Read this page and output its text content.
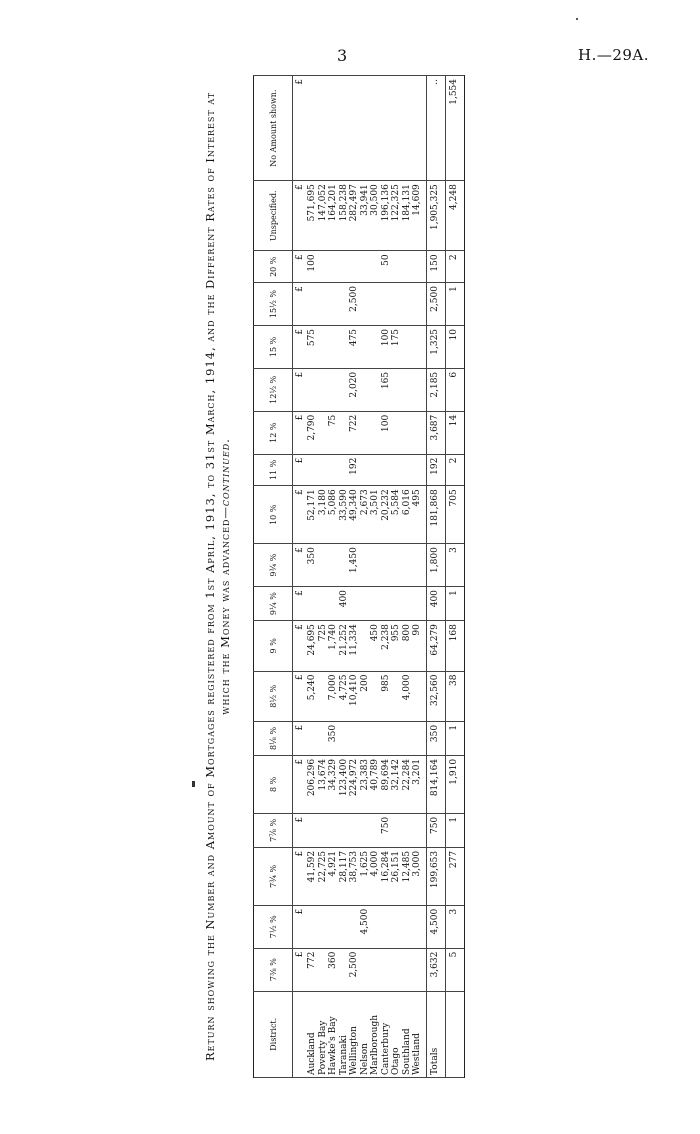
3	H.—29A.
Return showing the Number and Amount of Mortgages registered from 1st April, 1913, to 31st March, 1914, and the Different Rates of Interest at which the Money was advanced—continued.
District.	7⅜ %	7½ %	7¾ %	7⅞ %	8 %	8⅛ %	8½ %	9 %	9¼ %	9¾ %	10 %	11 %	12 %	12½ %	15 %	15½ %	20 %	Unspecified.	No Amount shown.
	£	£	£	£	£	£	£	£	£	£	£	£	£	£	£	£	£	£	£
Auckland	772		41,592		206,296		5,240	24,695		350	52,171		2,790		575		100	571,695	
Poverty Bay			22,725		13,674			725			3,180							147,052	
Hawke's Bay	360		4,921		34,329	350	7,000	1,740			5,086		75					164,201	
Taranaki			28,117		123,400		4,725	21,252	400		33,590							158,238	
Wellington	2,500		38,753		224,972		10,410	11,334		1,450	49,340	192	722	2,020	475	2,500		282,497	
Nelson		4,500	1,625		23,383		200				2,673							33,941	
Marlborough			4,000		40,789			450			3,501							30,500	
Canterbury			16,284	750	89,694		985	2,238			20,232		100	165	100		50	196,136	
Otago			26,151		32,142			955			5,584				175			122,325	
Southland			12,485		22,284		4,000	800			6,016							184,131	
Westland			3,000		3,201			90			495							14,609	
Totals	3,632	4,500	199,653	750	814,164	350	32,560	64,279	400	1,800	181,868	192	3,687	2,185	1,325	2,500	150	1,905,325	..
	5	3	277	1	1,910	1	38	168	1	3	705	2	14	6	10	1	2	4,248	1,554
